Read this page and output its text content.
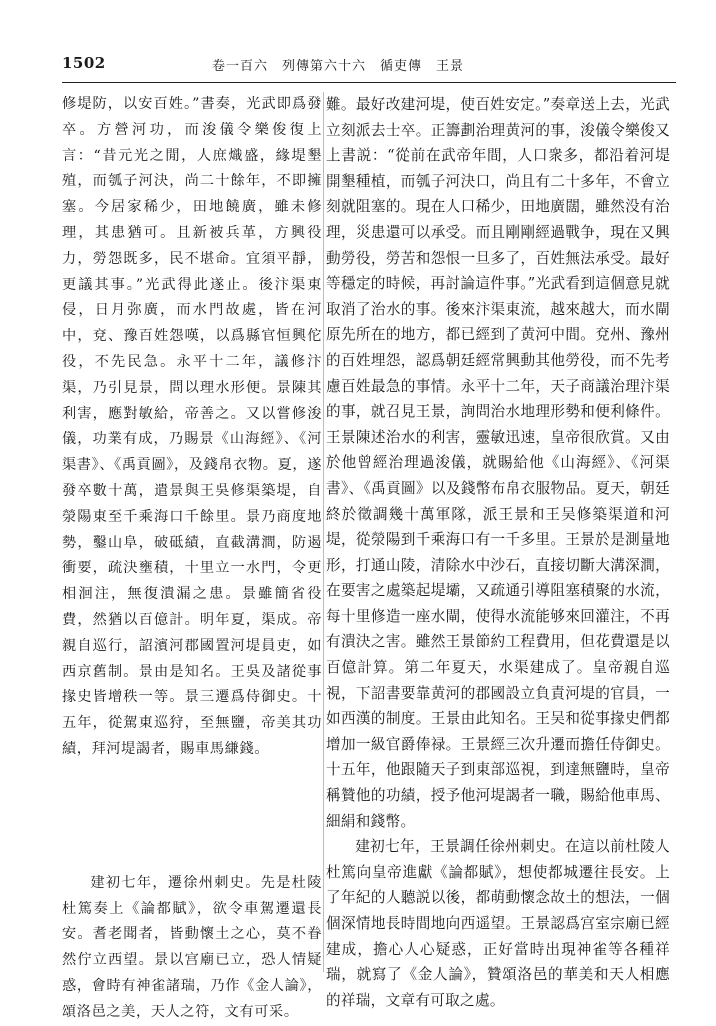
1502	卷一百六　列傳第六十六　循吏傳　王景

修堤防，以安百姓。”書奏，光武即爲發卒。方營河功，而浚儀令樂俊復上言：“昔元光之閒，人庶熾盛，緣堤墾殖，而瓠子河決，尚二十餘年，不即擁塞。今居家稀少，田地饒廣，雖未修理，其患猶可。且新被兵革，方興役力，勞怨既多，民不堪命。宜須平靜，更議其事。”光武得此遂止。後汴渠東侵，日月弥廣，而水門故處，皆在河中，兗、豫百姓怨嘆，以爲縣官恒興佗役，不先民急。永平十二年，議修汴渠，乃引見景，問以理水形便。景陳其利害，應對敏給，帝善之。又以嘗修浚儀，功業有成，乃賜景《山海經》、《河渠書》、《禹貢圖》，及錢帛衣物。夏，遂發卒數十萬，遣景與王吳修渠築堤，自滎陽東至千乘海口千餘里。景乃商度地勢，鑿山阜，破砥績，直截溝澗，防遏衝要，疏決壅積，十里立一水門，令更相洄注，無復潰漏之患。景雖簡省役費，然猶以百億計。明年夏，渠成。帝親自巡行，詔濱河郡國置河堤員吏，如西京舊制。景由是知名。王吳及諸從事掾史皆增秩一等。景三遷爲侍御史。十五年，從駕東巡狩，至無鹽，帝美其功績，拜河堤謁者，賜車馬縑錢。

建初七年，遷徐州刺史。先是杜陵杜篤奏上《論都賦》，欲令車駕遷還長安。耆老聞者，皆動懷土之心，莫不眷然佇立西望。景以宫廟已立，恐人情疑惑，會時有神雀諸瑞，乃作《金人論》，頌洛邑之美，天人之符，文有可采。

難。最好改建河堤，使百姓安定。”奏章送上去，光武立刻派去士卒。正籌劃治理黄河的事，浚儀令樂俊又上書説：“從前在武帝年間，人口衆多，都沿着河堤開墾種植，而瓠子河決口，尚且有二十多年，不會立刻就阻塞的。現在人口稀少，田地廣闊，雖然没有治理，災患還可以承受。而且剛剛經過戰争，現在又興動勞役，勞苦和怨恨一旦多了，百姓無法承受。最好等穩定的時候，再討論這件事。”光武看到這個意見就取消了治水的事。後來汴渠東流，越來越大，而水閘原先所在的地方，都已經到了黄河中間。兗州、豫州的百姓埋怨，認爲朝廷經常興動其他勞役，而不先考慮百姓最急的事情。永平十二年，天子商議治理汴渠的事，就召見王景，詢問治水地理形勢和便利條件。王景陳述治水的利害，靈敏迅速，皇帝很欣賞。又由於他曾經治理過浚儀，就賜給他《山海經》、《河渠書》、《禹貢圖》以及錢幣布帛衣服物品。夏天，朝廷終於徵調幾十萬軍隊，派王景和王吴修築渠道和河堤，從滎陽到千乘海口有一千多里。王景於是測量地形，打通山陵，清除水中沙石，直接切斷大溝深澗，在要害之處築起堤壩，又疏通引導阻塞積聚的水流，每十里修造一座水閘，使得水流能够來回灌注，不再有潰決之害。雖然王景節約工程費用，但花費還是以百億計算。第二年夏天，水渠建成了。皇帝親自巡視，下詔書要靠黄河的郡國設立負責河堤的官員，一如西漢的制度。王景由此知名。王吴和從事掾史們都增加一級官爵俸禄。王景經三次升遷而擔任侍御史。十五年，他跟隨天子到東部巡視，到達無鹽時，皇帝稱贊他的功績，授予他河堤謁者一職，賜給他車馬、細絹和錢幣。

建初七年，王景調任徐州刺史。在這以前杜陵人杜篤向皇帝進獻《論都賦》，想使都城遷往長安。上了年紀的人聽説以後，都萌動懷念故土的想法，一個個深情地長時間地向西遥望。王景認爲宫室宗廟已經建成，擔心人心疑惑，正好當時出現神雀等各種祥瑞，就寫了《金人論》，贊頌洛邑的華美和天人相應的祥瑞，文章有可取之處。
